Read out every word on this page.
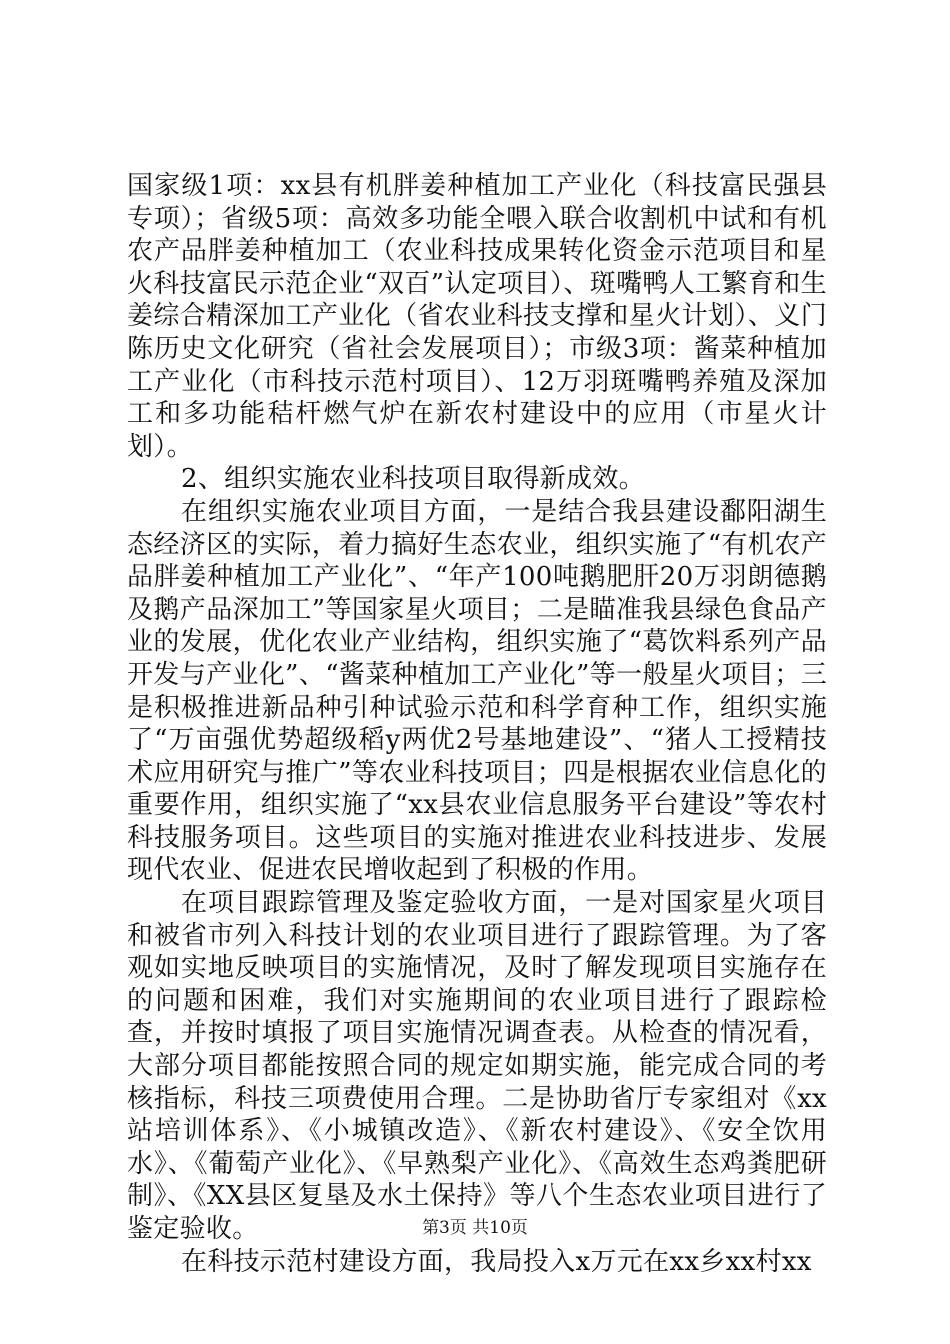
国家级1项：xx县有机胖姜种植加工产业化（科技富民强县专项）；省级5项：高效多功能全喂入联合收割机中试和有机农产品胖姜种植加工（农业科技成果转化资金示范项目和星火科技富民示范企业“双百”认定项目）、斑嘴鸭人工繁育和生姜综合精深加工产业化（省农业科技支撑和星火计划）、义门陈历史文化研究（省社会发展项目）；市级3项：酱菜种植加工产业化（市科技示范村项目）、12万羽斑嘴鸭养殖及深加工和多功能秸杆燃气炉在新农村建设中的应用（市星火计划）。

2、组织实施农业科技项目取得新成效。

在组织实施农业项目方面，一是结合我县建设鄱阳湖生态经济区的实际，着力搞好生态农业，组织实施了“有机农产品胖姜种植加工产业化”、“年产100吨鹅肥肝20万羽朗德鹅及鹅产品深加工”等国家星火项目；二是瞄准我县绿色食品产业的发展，优化农业产业结构，组织实施了“葛饮料系列产品开发与产业化”、“酱菜种植加工产业化”等一般星火项目；三是积极推进新品种引种试验示范和科学育种工作，组织实施了“万亩强优势超级稻y两优2号基地建设”、“猪人工授精技术应用研究与推广”等农业科技项目；四是根据农业信息化的重要作用，组织实施了“xx县农业信息服务平台建设”等农村科技服务项目。这些项目的实施对推进农业科技进步、发展现代农业、促进农民增收起到了积极的作用。

在项目跟踪管理及鉴定验收方面，一是对国家星火项目和被省市列入科技计划的农业项目进行了跟踪管理。为了客观如实地反映项目的实施情况，及时了解发现项目实施存在的问题和困难，我们对实施期间的农业项目进行了跟踪检查，并按时填报了项目实施情况调查表。从检查的情况看，大部分项目都能按照合同的规定如期实施，能完成合同的考核指标，科技三项费使用合理。二是协助省厅专家组对《xx站培训体系》、《小城镇改造》、《新农村建设》、《安全饮用水》、《葡萄产业化》、《早熟梨产业化》、《高效生态鸡粪肥研制》、《XX县区复垦及水土保持》等八个生态农业项目进行了鉴定验收。

在科技示范村建设方面，我局投入x万元在xx乡xx村xx

第3页 共10页
